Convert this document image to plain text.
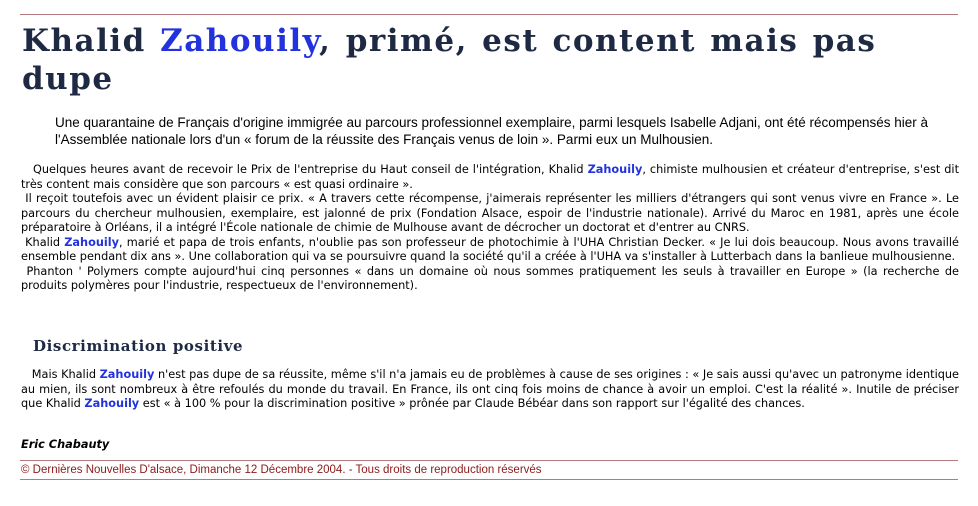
Khalid Zahouily, primé, est content mais pas dupe

Une quarantaine de Français d'origine immigrée au parcours professionnel exemplaire, parmi lesquels Isabelle Adjani, ont été récompensés hier à l'Assemblée nationale lors d'un « forum de la réussite des Français venus de loin ». Parmi eux un Mulhousien.

Quelques heures avant de recevoir le Prix de l'entreprise du Haut conseil de l'intégration, Khalid Zahouily, chimiste mulhousien et créateur d'entreprise, s'est dit très content mais considère que son parcours « est quasi ordinaire ».
Il reçoit toutefois avec un évident plaisir ce prix. « A travers cette récompense, j'aimerais représenter les milliers d'étrangers qui sont venus vivre en France ». Le parcours du chercheur mulhousien, exemplaire, est jalonné de prix (Fondation Alsace, espoir de l'industrie nationale). Arrivé du Maroc en 1981, après une école préparatoire à Orléans, il a intégré l'École nationale de chimie de Mulhouse avant de décrocher un doctorat et d'entrer au CNRS.
Khalid Zahouily, marié et papa de trois enfants, n'oublie pas son professeur de photochimie à l'UHA Christian Decker. « Je lui dois beaucoup. Nous avons travaillé ensemble pendant dix ans ». Une collaboration qui va se poursuivre quand la société qu'il a créée à l'UHA va s'installer à Lutterbach dans la banlieue mulhousienne.
Phanton ' Polymers compte aujourd'hui cinq personnes « dans un domaine où nous sommes pratiquement les seuls à travailler en Europe » (la recherche de produits polymères pour l'industrie, respectueux de l'environnement).
Discrimination positive
Mais Khalid Zahouily n'est pas dupe de sa réussite, même s'il n'a jamais eu de problèmes à cause de ses origines : « Je sais aussi qu'avec un patronyme identique au mien, ils sont nombreux à être refoulés du monde du travail. En France, ils ont cinq fois moins de chance à avoir un emploi. C'est la réalité ». Inutile de préciser que Khalid Zahouily est « à 100 % pour la discrimination positive » prônée par Claude Bébéar dans son rapport sur l'égalité des chances.

Eric Chabauty

© Dernières Nouvelles D'alsace, Dimanche 12 Décembre 2004. - Tous droits de reproduction réservés
